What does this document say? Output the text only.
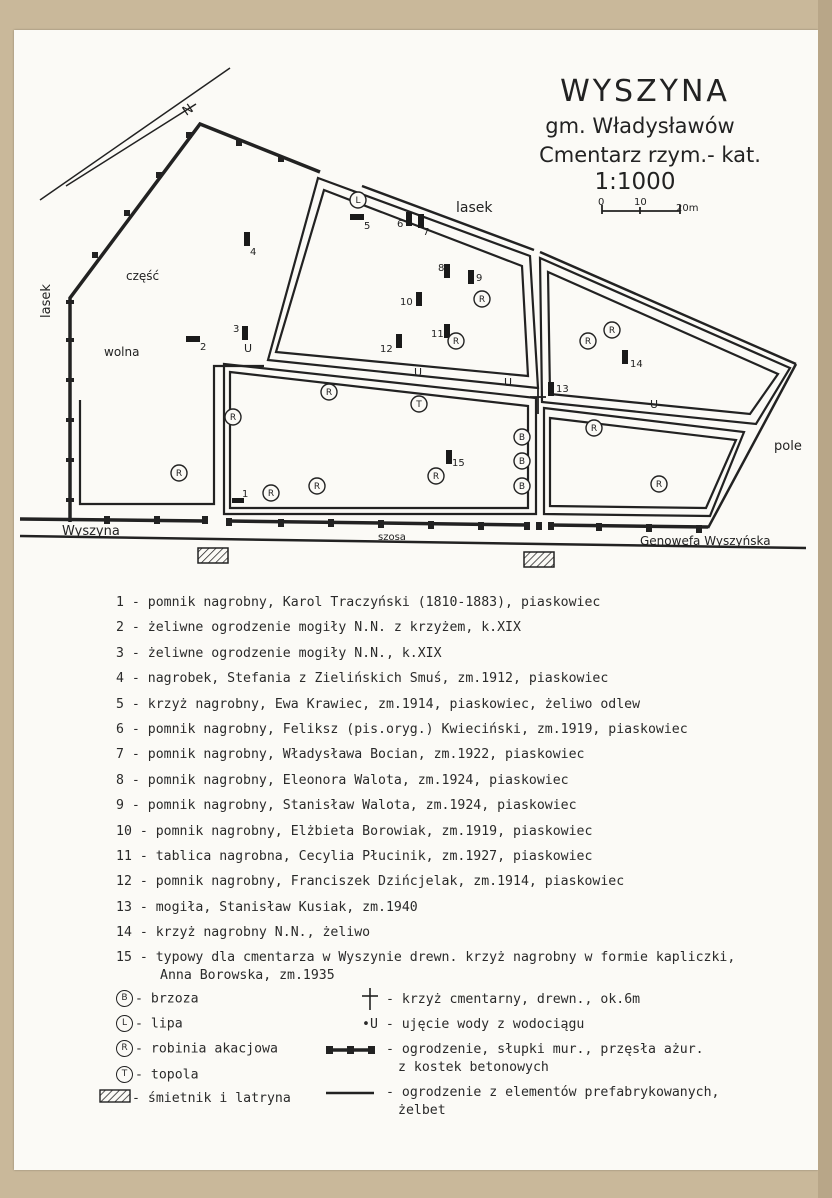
WYSZYNA
gm. Władysławów
Cmentarz rzym.- kat.
1:1000
0	10
20m
N
1
2
3
4
5	6
7
8
9
10
11
12
13
14
15
L
R
R	R
R
R
T
R
R
R
R
R
B
B
B
R
R
U
U
U
U
lasek
lasek
część
wolna
pole
Wyszyna	szosa	Genowefa Wyszyńska
1 - pomnik nagrobny, Karol Traczyński (1810-1883), piaskowiec
2 - żeliwne ogrodzenie mogiły N.N. z krzyżem, k.XIX
3 - żeliwne ogrodzenie mogiły N.N., k.XIX
4 - nagrobek, Stefania z Zielińskich Smuś, zm.1912, piaskowiec
5 - krzyż nagrobny, Ewa Krawiec, zm.1914, piaskowiec, żeliwo odlew
6 - pomnik nagrobny, Feliksz (pis.oryg.) Kwieciński, zm.1919, piaskowiec
7 - pomnik nagrobny, Władysława Bocian, zm.1922, piaskowiec
8 - pomnik nagrobny, Eleonora Walota, zm.1924, piaskowiec
9 - pomnik nagrobny, Stanisław Walota, zm.1924, piaskowiec
10 - pomnik nagrobny, Elżbieta Borowiak, zm.1919, piaskowiec
11 - tablica nagrobna, Cecylia Płucinik, zm.1927, piaskowiec
12 - pomnik nagrobny, Franciszek Dzińcjelak, zm.1914, piaskowiec
13 - mogiła, Stanisław Kusiak, zm.1940
14 - krzyż nagrobny N.N., żeliwo
15 - typowy dla cmentarza w Wyszynie drewn. krzyż nagrobny w formie kapliczki,
Anna Borowska, zm.1935
B - brzoza
L - lipa
R - robinia akacjowa
T - topola
- śmietnik i latryna
- krzyż cmentarny, drewn., ok.6m
•U - ujęcie wody z wodociągu
- ogrodzenie, słupki mur., przęsła ażur.
z kostek betonowych
- ogrodzenie z elementów prefabrykowanych,
żelbet
